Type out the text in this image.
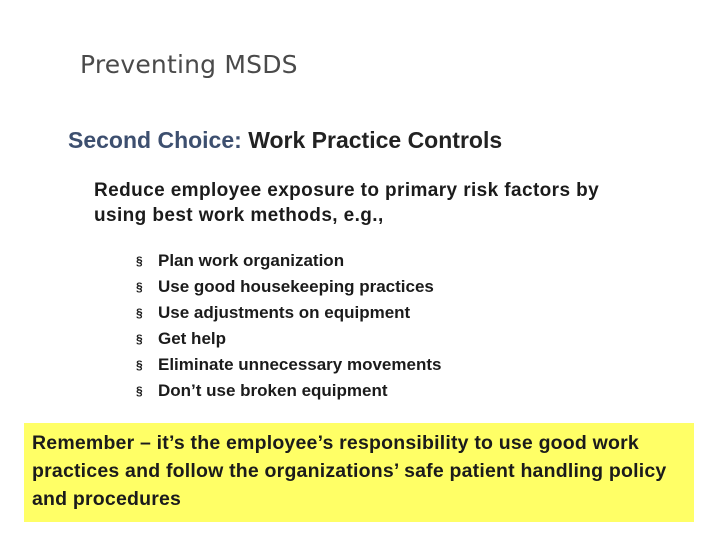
Preventing MSDS
Second Choice: Work Practice Controls
Reduce employee exposure to primary risk factors by using best work methods, e.g.,
§ Plan work organization
§ Use good housekeeping practices
§ Use adjustments on equipment
§ Get help
§ Eliminate unnecessary movements
§ Don’t use broken equipment
Remember – it’s the employee’s responsibility to use good work practices and follow the organizations’ safe patient handling policy and procedures
